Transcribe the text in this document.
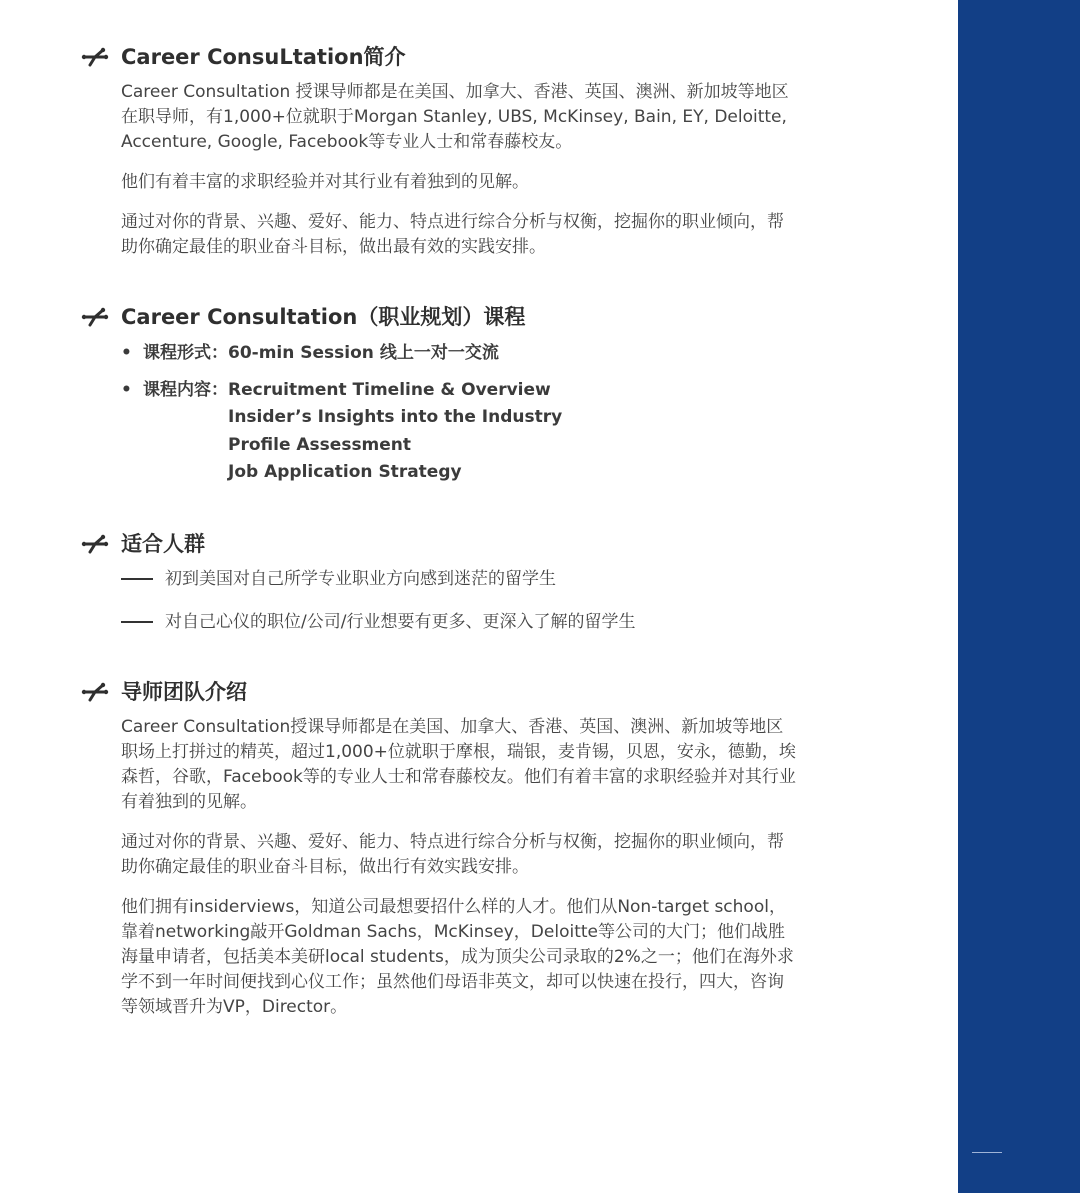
Career ConsuLtation简介
Career Consultation 授课导师都是在美国、加拿大、香港、英国、澳洲、新加坡等地区在职导师，有1,000+位就职于Morgan Stanley, UBS, McKinsey, Bain, EY, Deloitte, Accenture, Google, Facebook等专业人士和常春藤校友。
他们有着丰富的求职经验并对其行业有着独到的见解。
通过对你的背景、兴趣、爱好、能力、特点进行综合分析与权衡，挖掘你的职业倾向，帮助你确定最佳的职业奋斗目标，做出最有效的实践安排。
Career Consultation（职业规划）课程
• 课程形式： 60-min Session 线上一对一交流
• 课程内容： Recruitment Timeline & Overview
Insider’s Insights into the Industry
Profile Assessment
Job Application Strategy
适合人群
初到美国对自己所学专业职业方向感到迷茫的留学生
对自己心仪的职位/公司/行业想要有更多、更深入了解的留学生
导师团队介绍
Career Consultation授课导师都是在美国、加拿大、香港、英国、澳洲、新加坡等地区职场上打拼过的精英，超过1,000+位就职于摩根，瑞银，麦肯锡，贝恩，安永，德勤，埃森哲，谷歌，Facebook等的专业人士和常春藤校友。他们有着丰富的求职经验并对其行业有着独到的见解。
通过对你的背景、兴趣、爱好、能力、特点进行综合分析与权衡，挖掘你的职业倾向，帮助你确定最佳的职业奋斗目标，做出行有效实践安排。
他们拥有insiderviews，知道公司最想要招什么样的人才。他们从Non-target school，靠着networking敲开Goldman Sachs，McKinsey，Deloitte等公司的大门；他们战胜海量申请者，包括美本美研local students，成为顶尖公司录取的2%之一；他们在海外求学不到一年时间便找到心仪工作；虽然他们母语非英文，却可以快速在投行，四大，咨询等领域晋升为VP，Director。
